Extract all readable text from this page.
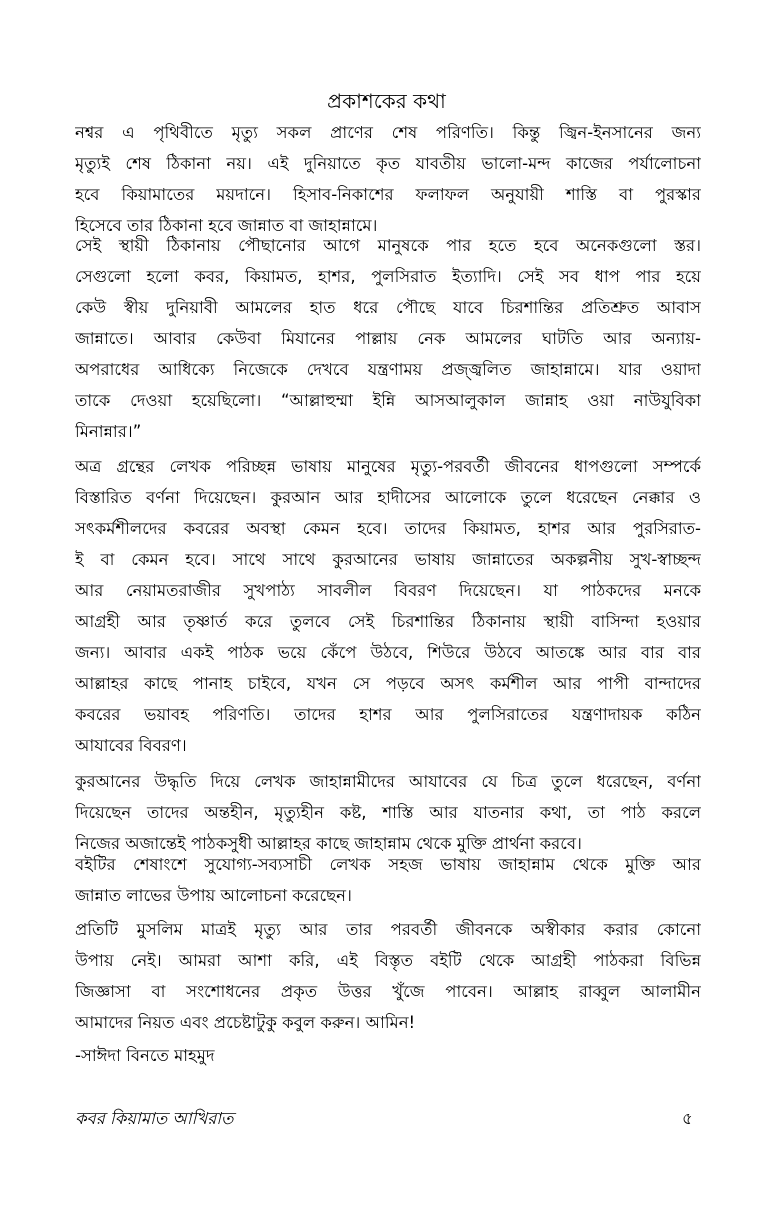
প্রকাশকের কথা
নশ্বর এ পৃথিবীতে মৃত্যু সকল প্রাণের শেষ পরিণতি। কিন্তু জ্বিন-ইনসানের জন্য
মৃত্যুই শেষ ঠিকানা নয়। এই দুনিয়াতে কৃত যাবতীয় ভালো-মন্দ কাজের পর্যালোচনা
হবে কিয়ামাতের ময়দানে। হিসাব-নিকাশের ফলাফল অনুযায়ী শাস্তি বা পুরস্কার
হিসেবে তার ঠিকানা হবে জান্নাত বা জাহান্নামে।
সেই স্থায়ী ঠিকানায় পৌছানোর আগে মানুষকে পার হতে হবে অনেকগুলো স্তর।
সেগুলো হলো কবর, কিয়ামত, হাশর, পুলসিরাত ইত্যাদি। সেই সব ধাপ পার হয়ে
কেউ স্বীয় দুনিয়াবী আমলের হাত ধরে পৌছে যাবে চিরশান্তির প্রতিশ্রুত আবাস
জান্নাতে। আবার কেউবা মিযানের পাল্লায় নেক আমলের ঘাটতি আর অন্যায়-
অপরাধের আধিক্যে নিজেকে দেখবে যন্ত্রণাময় প্রজ্জ্বলিত জাহান্নামে। যার ওয়াদা
তাকে দেওয়া হয়েছিলো। “আল্লাহুম্মা ইন্নি আসআলুকাল জান্নাহ ওয়া নাউযুবিকা
মিনান্নার।”
অত্র গ্রন্থের লেখক পরিচ্ছন্ন ভাষায় মানুষের মৃত্যু-পরবর্তী জীবনের ধাপগুলো সম্পর্কে
বিস্তারিত বর্ণনা দিয়েছেন। কুরআন আর হাদীসের আলোকে তুলে ধরেছেন নেক্কার ও
সৎকর্মশীলদের কবরের অবস্থা কেমন হবে। তাদের কিয়ামত, হাশর আর পুরসিরাত-
ই বা কেমন হবে। সাথে সাথে কুরআনের ভাষায় জান্নাতের অকল্পনীয় সুখ-স্বাচ্ছন্দ
আর নেয়ামতরাজীর সুখপাঠ্য সাবলীল বিবরণ দিয়েছেন। যা পাঠকদের মনকে
আগ্রহী আর তৃষ্ণার্ত করে তুলবে সেই চিরশান্তির ঠিকানায় স্থায়ী বাসিন্দা হওয়ার
জন্য। আবার একই পাঠক ভয়ে কেঁপে উঠবে, শিউরে উঠবে আতঙ্কে আর বার বার
আল্লাহর কাছে পানাহ চাইবে, যখন সে পড়বে অসৎ কর্মশীল আর পাপী বান্দাদের
কবরের ভয়াবহ পরিণতি। তাদের হাশর আর পুলসিরাতের যন্ত্রণাদায়ক কঠিন
আযাবের বিবরণ।
কুরআনের উদ্ধৃতি দিয়ে লেখক জাহান্নামীদের আযাবের যে চিত্র তুলে ধরেছেন, বর্ণনা
দিয়েছেন তাদের অন্তহীন, মৃত্যুহীন কষ্ট, শাস্তি আর যাতনার কথা, তা পাঠ করলে
নিজের অজান্তেই পাঠকসুধী আল্লাহর কাছে জাহান্নাম থেকে মুক্তি প্রার্থনা করবে।
বইটির শেষাংশে সুযোগ্য-সব্যসাচী লেখক সহজ ভাষায় জাহান্নাম থেকে মুক্তি আর
জান্নাত লাভের উপায় আলোচনা করেছেন।
প্রতিটি মুসলিম মাত্রই মৃত্যু আর তার পরবর্তী জীবনকে অস্বীকার করার কোনো
উপায় নেই। আমরা আশা করি, এই বিস্তৃত বইটি থেকে আগ্রহী পাঠকরা বিভিন্ন
জিজ্ঞাসা বা সংশোধনের প্রকৃত উত্তর খুঁজে পাবেন। আল্লাহ রাব্বুল আলামীন
আমাদের নিয়ত এবং প্রচেষ্টাটুকু কবুল করুন। আমিন!
-সাঈদা বিনতে মাহমুদ
কবর কিয়ামাত আখিরাত	৫
